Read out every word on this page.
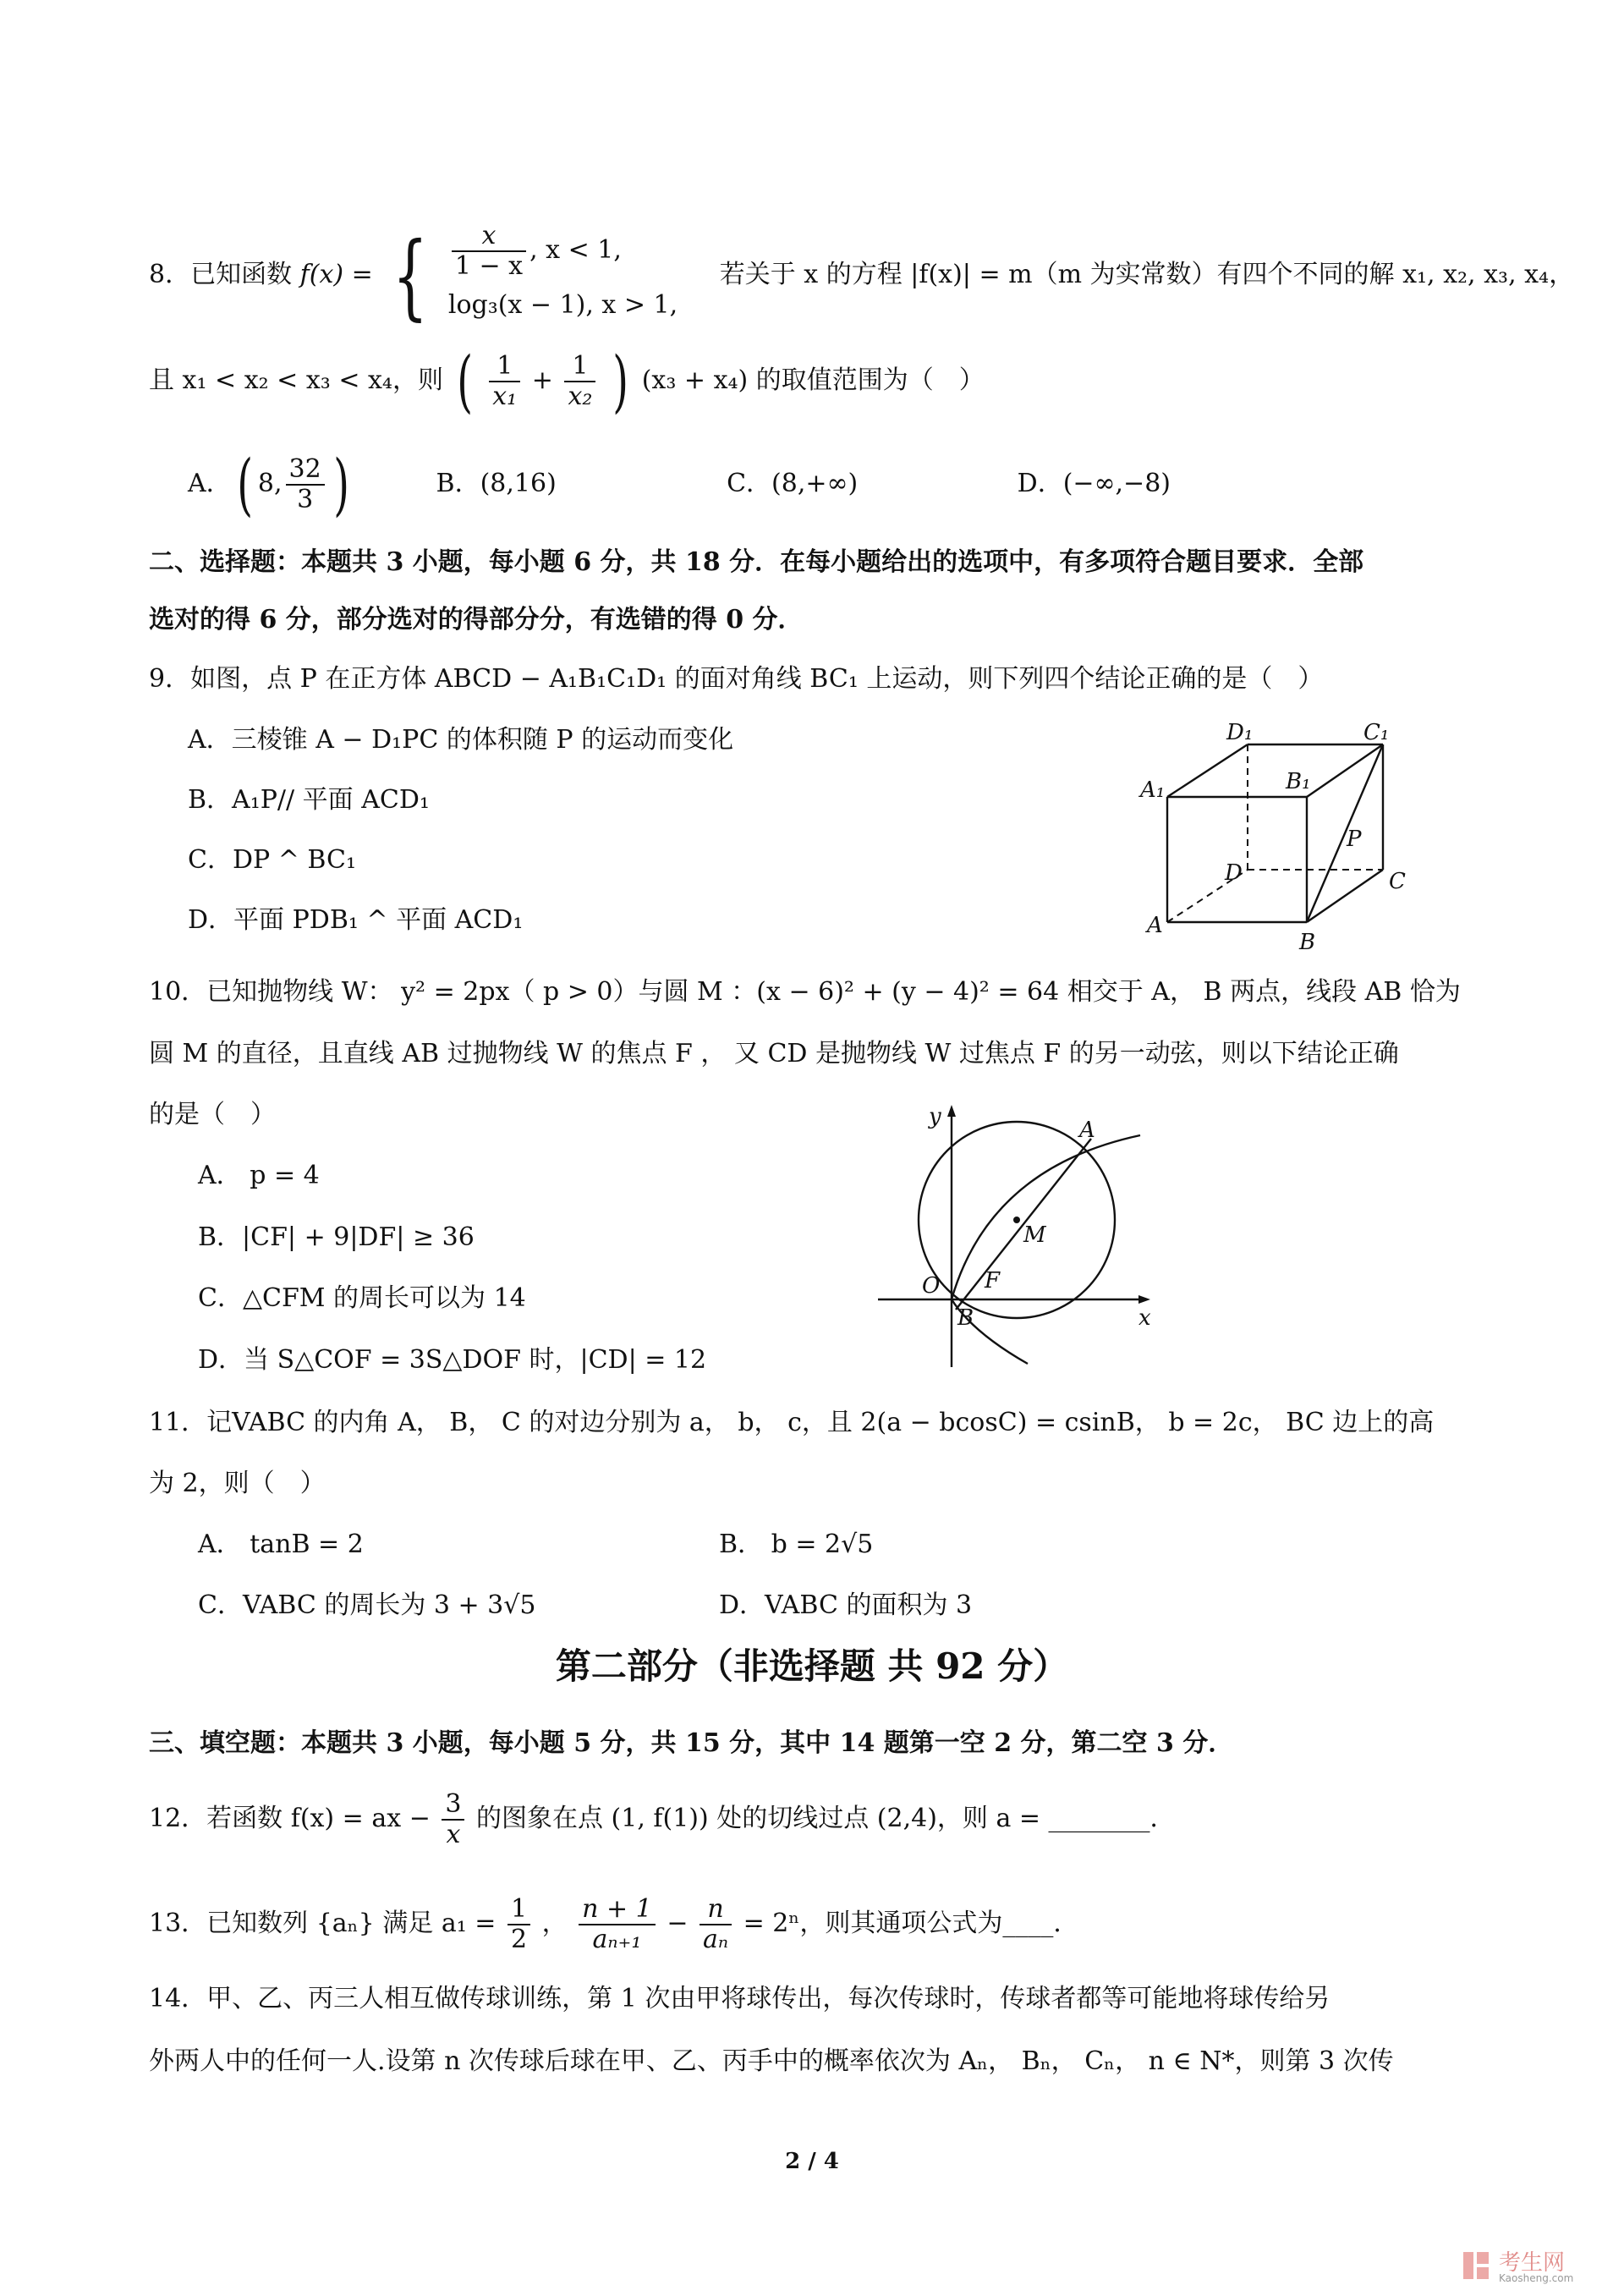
8．已知函数 f(x) = { $\frac{x}{1 - x}$ , x < 1,
log₃(x − 1), x > 1,
若关于 x 的方程 |f(x)| = m（m 为实常数）有四个不同的解 x₁, x₂, x₃, x₄，
且 x₁ < x₂ < x₃ < x₄，则 ( $\frac{1}{\text{x₁}} + \frac{1}{\text{x₂}}$ ) (x₃ + x₄) 的取值范围为（　）
A．( 8, $\frac{32}{3}$ )	B．(8,16)	C．(8,+∞)	D．(−∞,−8)
二、选择题：本题共 3 小题，每小题 6 分，共 18 分．在每小题给出的选项中，有多项符合题目要求．全部
选对的得 6 分，部分选对的得部分分，有选错的得 0 分．
9．如图，点 P 在正方体 ABCD − A₁B₁C₁D₁ 的面对角线 BC₁ 上运动，则下列四个结论正确的是（　）
A．三棱锥 A − D₁PC 的体积随 P 的运动而变化
B．A₁P// 平面 ACD₁
C．DP ^ BC₁
D．平面 PDB₁ ^ 平面 ACD₁
D₁	C₁
A₁	B₁
P
D	C
A
B
10．已知抛物线 W： y² = 2px（ p > 0）与圆 M ：(x − 6)² + (y − 4)² = 64 相交于 A， B 两点，线段 AB 恰为
圆 M 的直径，且直线 AB 过抛物线 W 的焦点 F ， 又 CD 是抛物线 W 过焦点 F 的另一动弦，则以下结论正确
的是（　）
A． p = 4
B．|CF| + 9|DF| ≥ 36
C．△CFM 的周长可以为 14
D．当 S△COF = 3S△DOF 时，|CD| = 12
y
x
A
M
F
O
B
11．记VABC 的内角 A， B， C 的对边分别为 a， b， c，且 2(a − bcosC) = csinB， b = 2c， BC 边上的高
为 2，则（　）
A． tanB = 2	B． b = 2√5
C．VABC 的周长为 3 + 3√5	D．VABC 的面积为 3
第二部分（非选择题 共 92 分）
三、填空题：本题共 3 小题，每小题 5 分，共 15 分，其中 14 题第一空 2 分，第二空 3 分．
12．若函数 f(x) = ax − $\frac{3}{x}$ 的图象在点 (1, f(1)) 处的切线过点 (2,4)，则 a = ________．
13．已知数列 {aₙ} 满足 $a_1 = \frac{1}{2}$ ， $\frac{n + 1}{\text{aₙ₊₁}} - \frac{n}{\text{aₙ}} = 2^n$，则其通项公式为____．
14．甲、乙、丙三人相互做传球训练，第 1 次由甲将球传出，每次传球时，传球者都等可能地将球传给另
外两人中的任何一人.设第 n 次传球后球在甲、乙、丙手中的概率依次为 Aₙ， Bₙ， Cₙ， n ∈ N*，则第 3 次传
2 / 4
考生网
Kaosheng.com
